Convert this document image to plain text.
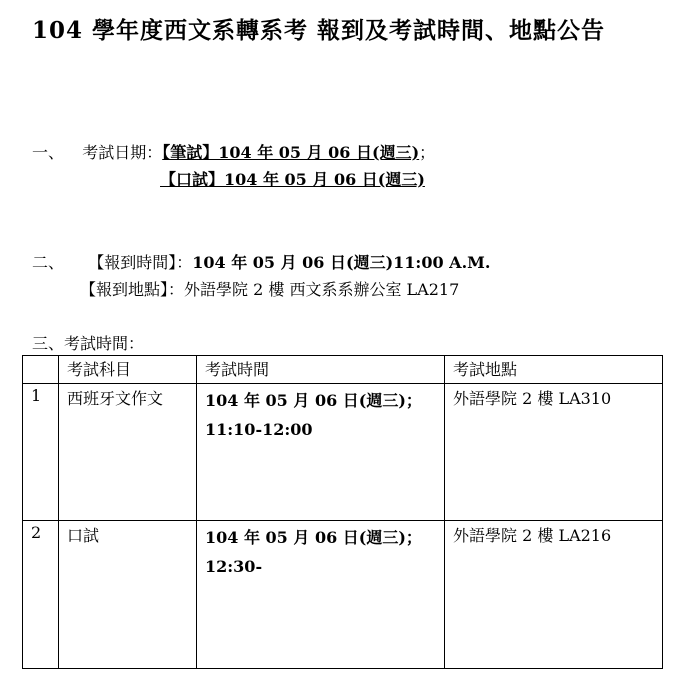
104 學年度西文系轉系考 報到及考試時間、地點公告
一、 考試日期：【筆試】104 年 05 月 06 日(週三)；
【口試】104 年 05 月 06 日(週三)
二、 【報到時間】：104 年 05 月 06 日(週三)11:00 A.M.
【報到地點】：外語學院 2 樓 西文系系辦公室 LA217
三、考試時間：
	考試科目	考試時間	考試地點
1	西班牙文作文	104 年 05 月 06 日(週三)；
11:10-12:00	外語學院 2 樓 LA310
2	口試	104 年 05 月 06 日(週三)；
12:30-	外語學院 2 樓 LA216
